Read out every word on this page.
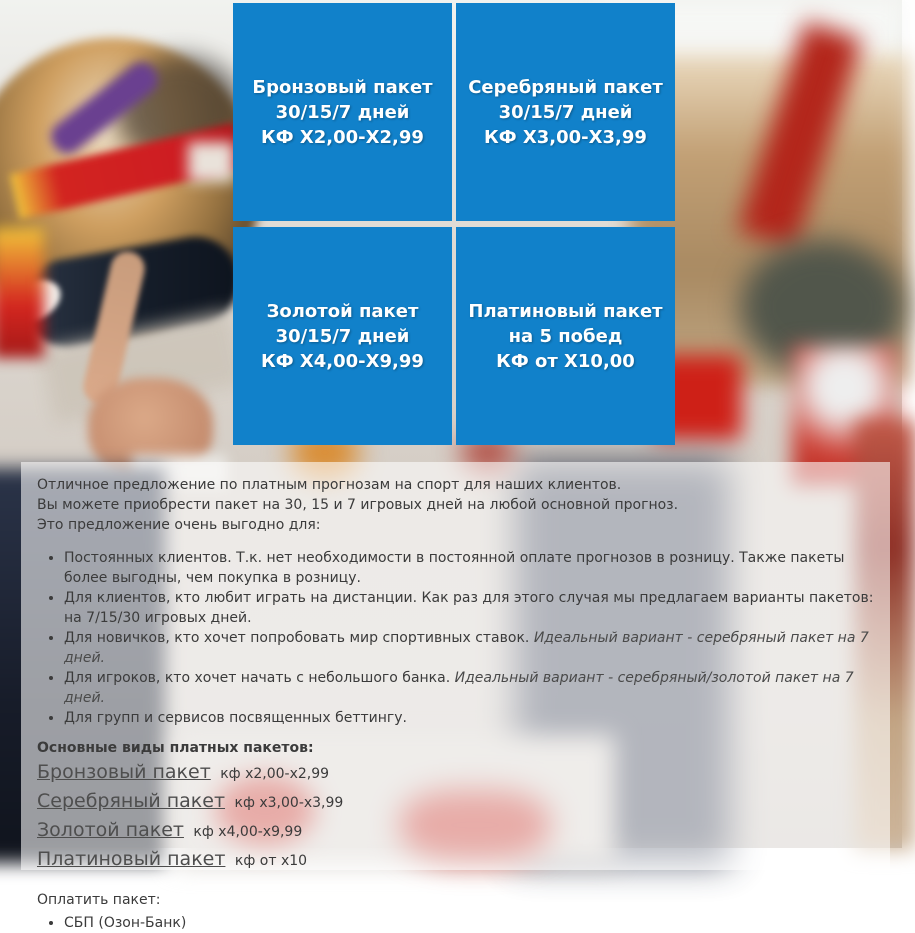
Бронзовый пакет
30/15/7 дней
КФ Х2,00-Х2,99
Серебряный пакет
30/15/7 дней
КФ Х3,00-Х3,99
Золотой пакет
30/15/7 дней
КФ Х4,00-Х9,99
Платиновый пакет
на 5 побед
КФ от Х10,00
Отличное предложение по платным прогнозам на спорт для наших клиентов.
Вы можете приобрести пакет на 30, 15 и 7 игровых дней на любой основной прогноз.
Это предложение очень выгодно для:
• Постоянных клиентов. Т.к. нет необходимости в постоянной оплате прогнозов в розницу. Также пакеты более выгодны, чем покупка в розницу.
• Для клиентов, кто любит играть на дистанции. Как раз для этого случая мы предлагаем варианты пакетов: на 7/15/30 игровых дней.
• Для новичков, кто хочет попробовать мир спортивных ставок. Идеальный вариант - серебряный пакет на 7 дней.
• Для игроков, кто хочет начать с небольшого банка. Идеальный вариант - серебряный/золотой пакет на 7 дней.
• Для групп и сервисов посвященных беттингу.
Основные виды платных пакетов:
Бронзовый пакет кф х2,00-х2,99
Серебряный пакет кф х3,00-х3,99
Золотой пакет кф х4,00-х9,99
Платиновый пакет кф от х10
Оплатить пакет:
• СБП (Озон-Банк)
